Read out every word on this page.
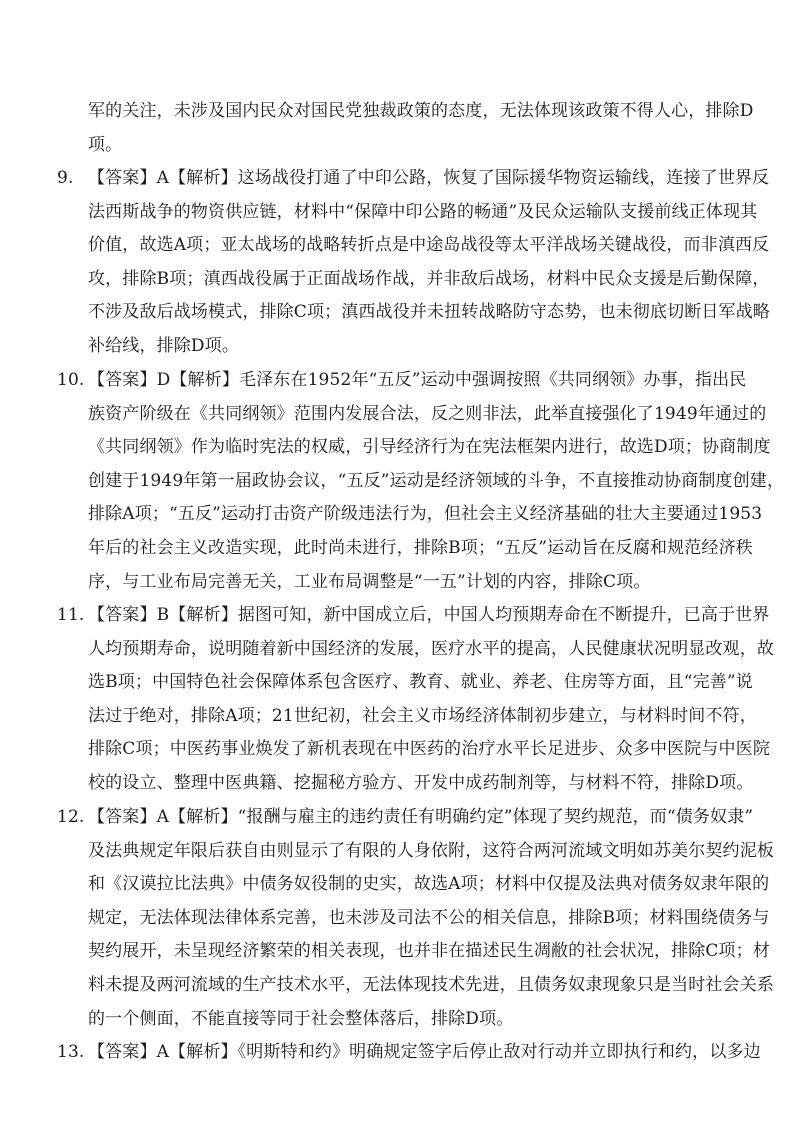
军的关注，未涉及国内民众对国民党独裁政策的态度，无法体现该政策不得人心，排除D
项。
9. 【答案】A【解析】这场战役打通了中印公路，恢复了国际援华物资运输线，连接了世界反
法西斯战争的物资供应链，材料中“保障中印公路的畅通”及民众运输队支援前线正体现其
价值，故选A项；亚太战场的战略转折点是中途岛战役等太平洋战场关键战役，而非滇西反
攻，排除B项；滇西战役属于正面战场作战，并非敌后战场，材料中民众支援是后勤保障，
不涉及敌后战场模式，排除C项；滇西战役并未扭转战略防守态势，也未彻底切断日军战略
补给线，排除D项。
10. 【答案】D【解析】毛泽东在1952年“五反”运动中强调按照《共同纲领》办事，指出民
族资产阶级在《共同纲领》范围内发展合法，反之则非法，此举直接强化了1949年通过的
《共同纲领》作为临时宪法的权威，引导经济行为在宪法框架内进行，故选D项；协商制度
创建于1949年第一届政协会议，“五反”运动是经济领域的斗争，不直接推动协商制度创建，
排除A项；“五反”运动打击资产阶级违法行为，但社会主义经济基础的壮大主要通过1953
年后的社会主义改造实现，此时尚未进行，排除B项；“五反”运动旨在反腐和规范经济秩
序，与工业布局完善无关，工业布局调整是“一五”计划的内容，排除C项。
11. 【答案】B【解析】据图可知，新中国成立后，中国人均预期寿命在不断提升，已高于世界
人均预期寿命，说明随着新中国经济的发展，医疗水平的提高，人民健康状况明显改观，故
选B项；中国特色社会保障体系包含医疗、教育、就业、养老、住房等方面，且“完善”说
法过于绝对，排除A项；21世纪初，社会主义市场经济体制初步建立，与材料时间不符，
排除C项；中医药事业焕发了新机表现在中医药的治疗水平长足进步、众多中医院与中医院
校的设立、整理中医典籍、挖掘秘方验方、开发中成药制剂等，与材料不符，排除D项。
12. 【答案】A【解析】“报酬与雇主的违约责任有明确约定”体现了契约规范，而“债务奴隶”
及法典规定年限后获自由则显示了有限的人身依附，这符合两河流域文明如苏美尔契约泥板
和《汉谟拉比法典》中债务奴役制的史实，故选A项；材料中仅提及法典对债务奴隶年限的
规定，无法体现法律体系完善，也未涉及司法不公的相关信息，排除B项；材料围绕债务与
契约展开，未呈现经济繁荣的相关表现，也并非在描述民生凋敝的社会状况，排除C项；材
料未提及两河流域的生产技术水平，无法体现技术先进，且债务奴隶现象只是当时社会关系
的一个侧面，不能直接等同于社会整体落后，排除D项。
13. 【答案】A【解析】《明斯特和约》明确规定签字后停止敌对行动并立即执行和约，以多边
